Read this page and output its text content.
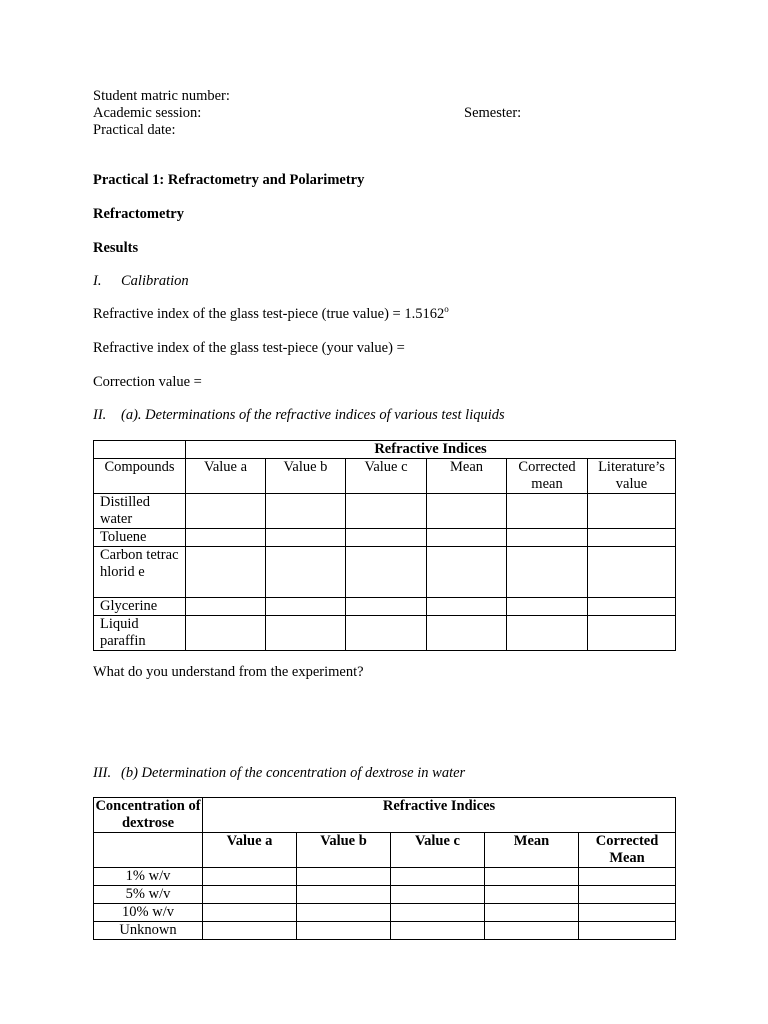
Student matric number:
Academic session:	Semester:
Practical date:
Practical 1: Refractometry and Polarimetry
Refractometry
Results
I. Calibration
Refractive index of the glass test-piece (true value) = $1.5162^o$
Refractive index of the glass test-piece (your value) =
Correction value =
II. (a). Determinations of the refractive indices of various test liquids
	Refractive Indices					
Compounds	Value a	Value b	Value c	Mean	Corrected mean	Literature’s value
Distilled water						
Toluene						
Carbon tetrachlorid e						
Glycerine						
Liquid paraffin						
What do you understand from the experiment?
III. (b) Determination of the concentration of dextrose in water
Concentration of dextrose	Refractive Indices				
	Value a	Value b	Value c	Mean	Corrected Mean
1% w/v					
5% w/v					
10% w/v					
Unknown					
